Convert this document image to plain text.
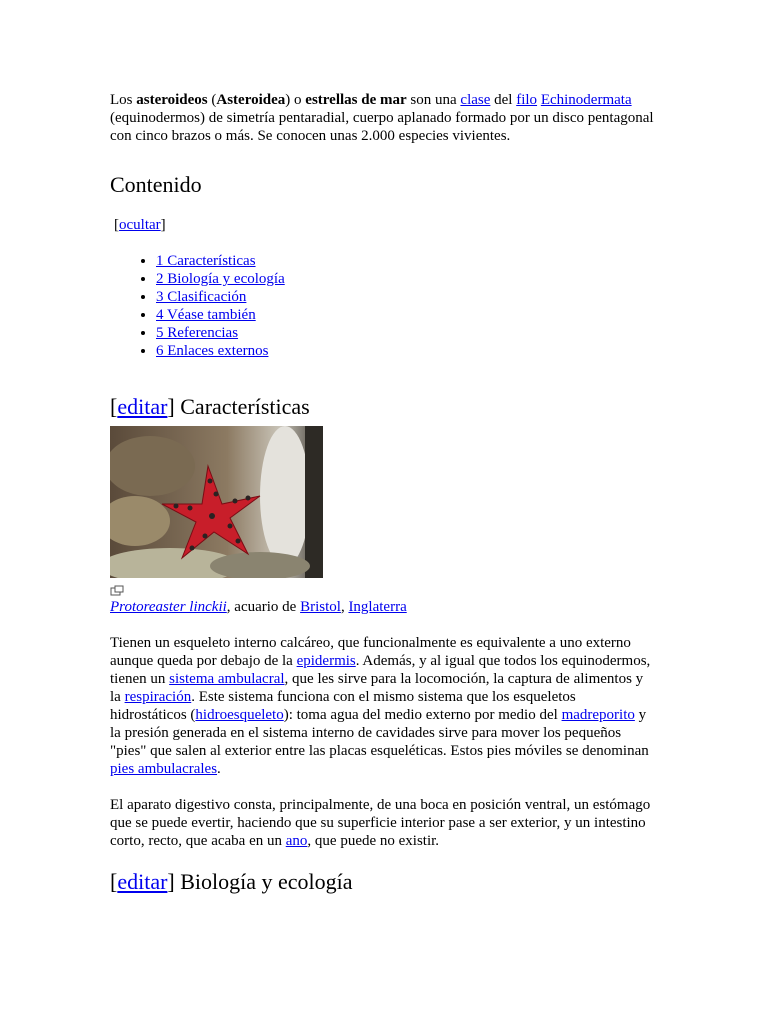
Los asteroideos (Asteroidea) o estrellas de mar son una clase del filo Echinodermata (equinodermos) de simetría pentaradial, cuerpo aplanado formado por un disco pentagonal con cinco brazos o más. Se conocen unas 2.000 especies vivientes.

Contenido
[ocultar]
• 1 Características
• 2 Biología y ecología
• 3 Clasificación
• 4 Véase también
• 5 Referencias
• 6 Enlaces externos
[editar] Características

Protoreaster linckii, acuario de Bristol, Inglaterra

Tienen un esqueleto interno calcáreo, que funcionalmente es equivalente a uno externo aunque queda por debajo de la epidermis. Además, y al igual que todos los equinodermos, tienen un sistema ambulacral, que les sirve para la locomoción, la captura de alimentos y la respiración. Este sistema funciona con el mismo sistema que los esqueletos hidrostáticos (hidroesqueleto): toma agua del medio externo por medio del madreporito y la presión generada en el sistema interno de cavidades sirve para mover los pequeños "pies" que salen al exterior entre las placas esqueléticas. Estos pies móviles se denominan pies ambulacrales.

El aparato digestivo consta, principalmente, de una boca en posición ventral, un estómago que se puede evertir, haciendo que su superficie interior pase a ser exterior, y un intestino corto, recto, que acaba en un ano, que puede no existir.

[editar] Biología y ecología
